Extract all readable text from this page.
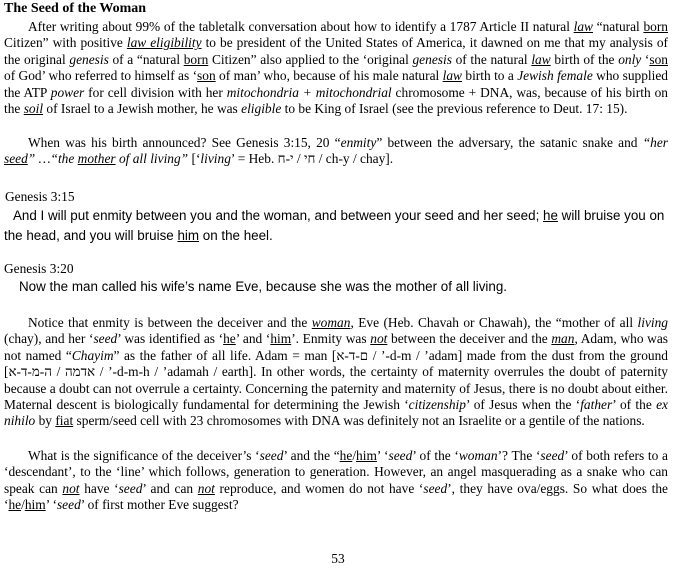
The Seed of the Woman

After writing about 99% of the tabletalk conversation about how to identify a 1787 Article II natural law “natural born Citizen” with positive law eligibility to be president of the United States of America, it dawned on me that my analysis of the original genesis of a “natural born Citizen” also applied to the ‘original genesis of the natural law birth of the only ‘son of God’ who referred to himself as ‘son of man’ who, because of his male natural law birth to a Jewish female who supplied the ATP power for cell division with her mitochondria + mitochondrial chromosome + DNA, was, because of his birth on the soil of Israel to a Jewish mother, he was eligible to be King of Israel (see the previous reference to Deut. 17: 15).

When was his birth announced? See Genesis 3:15, 20 “enmity” between the adversary, the satanic snake and “her seed” …“the mother of all living” [‘living’ = Heb. חי / י-ח / ch-y / chay].

Genesis 3:15

And I will put enmity between you and the woman, and between your seed and her seed; he will bruise you on the head, and you will bruise him on the heel.

Genesis 3:20

Now the man called his wife’s name Eve, because she was the mother of all living.

Notice that enmity is between the deceiver and the woman, Eve (Heb. Chavah or Chawah), the “mother of all living (chay), and her ‘seed’ was identified as ‘he’ and ‘him’. Enmity was not between the deceiver and the man, Adam, who was not named “Chayim” as the father of all life. Adam = man [ם-ד-א / ’-d-m / ’adam] made from the dust from the ground [אדמה / ה-מ-ד-א / ’-d-m-h / ’adamah / earth]. In other words, the certainty of maternity overrules the doubt of paternity because a doubt can not overrule a certainty. Concerning the paternity and maternity of Jesus, there is no doubt about either. Maternal descent is biologically fundamental for determining the Jewish ‘citizenship’ of Jesus when the ‘father’ of the ex nihilo by fiat sperm/seed cell with 23 chromosomes with DNA was definitely not an Israelite or a gentile of the nations.

What is the significance of the deceiver’s ‘seed’ and the “he/him’ ‘seed’ of the ‘woman’? The ‘seed’ of both refers to a ‘descendant’, to the ‘line’ which follows, generation to generation. However, an angel masquerading as a snake who can speak can not have ‘seed’ and can not reproduce, and women do not have ‘seed’, they have ova/eggs. So what does the ‘he/him’ ‘seed’ of first mother Eve suggest?

53
